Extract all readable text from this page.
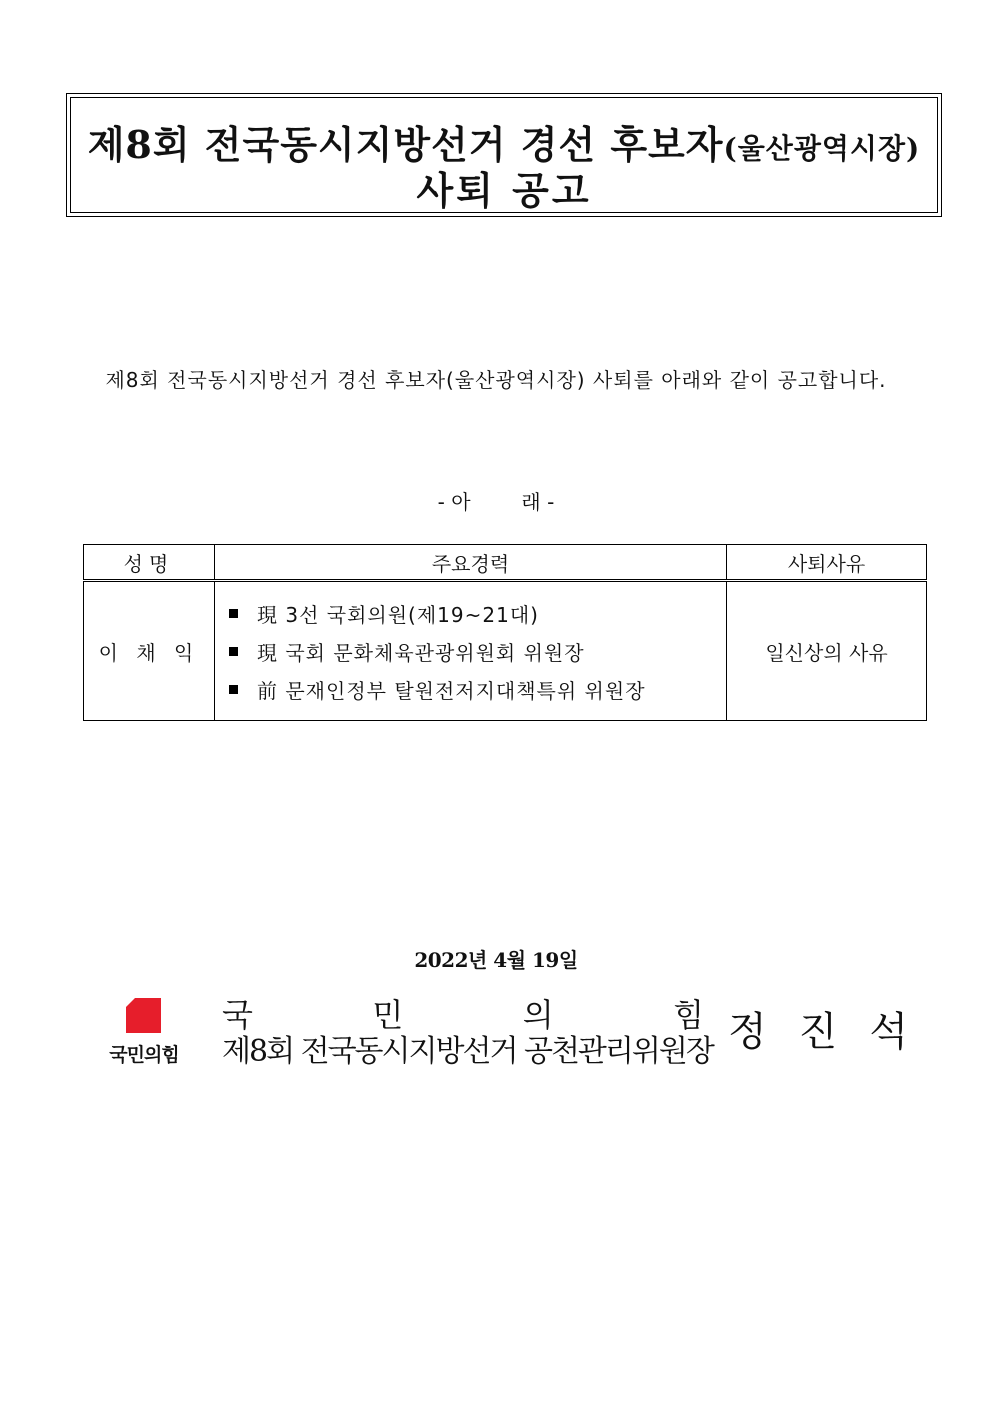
제8회 전국동시지방선거 경선 후보자(울산광역시장)
사퇴 공고
제8회 전국동시지방선거 경선 후보자(울산광역시장) 사퇴를 아래와 같이 공고합니다.
- 아        래 -
성명	주요경력	사퇴사유
이 채 익	現 3선 국회의원(제19~21대)
現 국회 문화체육관광위원회 위원장
前 문재인정부 탈원전저지대책특위 위원장	일신상의 사유
2022년 4월 19일
국민의힘
국	민	의	힘
제8회 전국동시지방선거 공천관리위원장 정 진 석
